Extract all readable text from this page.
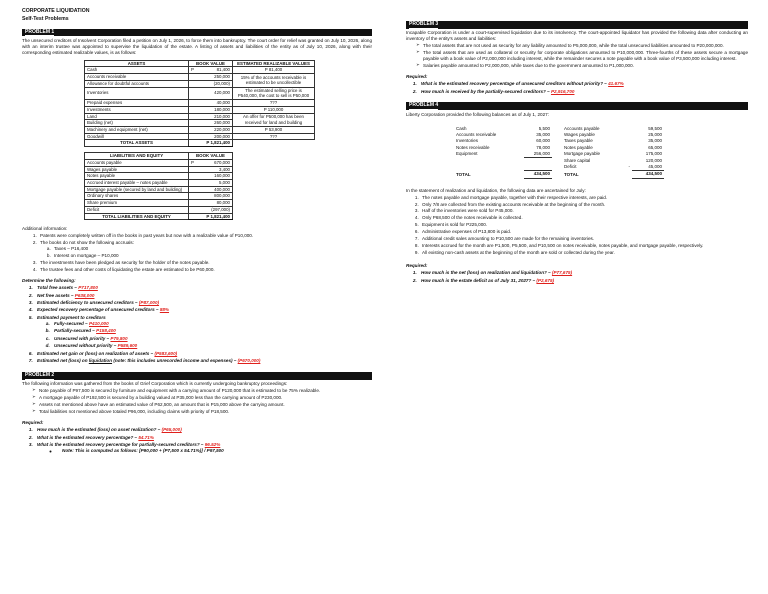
CORPORATE LIQUIDATION
Self-Test Problems
PROBLEM 1

The unsecured creditors of Insolvent Corporation filed a petition on July 1, 2026, to force them into bankruptcy. The court order for relief was granted on July 10, 2026, along with an interim trustee was appointed to supervise the liquidation of the estate. A listing of assets and liabilities of the entity as of July 10, 2026, along with their corresponding estimated realizable values, is as follows:

ASSETS	BOOK VALUE		ESTIMATED REALIZABLE VALUES
Cash	P	81,400	P 81,400
Accounts receivable	250,000		15% of the accounts receivable is estimated to be uncollectible
Allowance for doubtful accounts	(20,000)		
Inventories	420,000		The estimated selling price is P540,000, the cost to sell is P50,000
Prepaid expenses	40,000		???
Investments	180,000		P 110,000
Land	210,000		An offer for P500,000 has been received for land and building
Building (net)	260,000		
Machinery and equipment (net)	220,000		P 53,900
Goodwill	200,000		???
TOTAL ASSETS	P 1,821,400		

LIABILITIES AND EQUITY	BOOK VALUE		
Accounts payable	P	670,000	
Wages payable	3,400		
Notes payable	160,000		
Accrued interest payable – notes payable	5,000		
Mortgage payable (secured by land and building)	400,000		
Ordinary shares	800,000		
Share premium	80,000		
Deficit	(297,000)		
TOTAL LIABILITIES AND EQUITY	P 1,821,400		
Additional information:
1. Patents were completely written off in the books in past years but now with a realizable value of P10,000.
2. The books do not show the following accruals:
a. Taxes – P16,400
b. Interest on mortgage – P10,000
3. The investments have been pledged as security for the holder of the notes payable.
4. The trustee fees and other costs of liquidating the estate are estimated to be P60,000.
Determine the following:
1. Total free assets – P717,800
2. Net free assets – P638,000
3. Estimated deficiency to unsecured creditors – (P87,000)
4. Expected recovery percentage of unsecured creditors – 88%
5. Estimated payment to creditors
a. Fully-secured – P410,000
b. Partially-secured – P158,400
c. Unsecured with priority – P79,800
d. Unsecured without priority – P589,600
6. Estimated net gain or (loss) on realization of assets – (P583,600)
7. Estimated net (loss) on liquidation (note: this includes unrecorded income and expenses) – (P670,000)
PROBLEM 2

The following information was gathered from the books of Grief Corporation which is currently undergoing bankruptcy proceedings:

➢ Note payable of P97,500 is secured by furniture and equipment with a carrying amount of P120,000 that is estimated to be 75% realizable.
➢ A mortgage payable of P192,500 is secured by a building valued at P35,000 less than the carrying amount of P230,000.
➢ Assets not mentioned above have an estimated value of P62,500, an amount that is P15,000 above the carrying amount.
➢ Total liabilities not mentioned above totaled P96,000, including claims with priority of P18,500.
Required:
1. How much is the estimated (loss) on asset realization? – (P65,000)
2. What is the estimated recovery percentage? – 54.71%
3. What is the estimated recovery percentage for partially-secured creditors? – 96.52%
◦ Note: This is computed as follows: [P90,000 + (P7,500 x 54.71%)] / P97,500
PROBLEM 3

Incapable Corporation is under a court-supervised liquidation due to its insolvency. The court-appointed liquidator has provided the following data after conducting an inventory of the entity's assets and liabilities:

➢ The total assets that are not used as security for any liability amounted to P5,000,000, while the total unsecured liabilities amounted to P20,000,000.
➢ The total assets that are used as collateral or security for corporate obligations amounted to P10,000,000. Three-fourths of these assets secure a mortgage payable with a book value of P2,000,000 including interest, while the remainder secures a note payable with a book value of P3,500,000 including interest.
➢ Salaries payable amounted to P2,000,000, while taxes due to the government amounted to P1,000,000.
Required:
1. What is the estimated recovery percentage of unsecured creditors without priority? – 41.67%
2. How much is received by the partially-secured creditors? – P2,916,700
PROBLEM 4

Liberty Corporation provided the following balances as of July 1, 2027:

Cash	5,500		Accounts payable		59,500
Accounts receivable	35,000		Wages payable		25,000
Inventories	60,000		Taxes payable		35,000
Notes receivable	78,000		Notes payable		65,000
Equipment	256,000		Mortgage payable		175,000
			Share capital		120,000
			Deficit	-	45,000
TOTAL	434,500		TOTAL		434,500

In the statement of realization and liquidation, the following data are ascertained for July:

1. The notes payable and mortgage payable, together with their respective interests, are paid.
2. Only 7/8 are collected from the existing accounts receivable at the beginning of the month.
3. Half of the inventories were sold for P45,000.
4. Only P68,500 of the notes receivable is collected.
5. Equipment is sold for P225,000.
6. Administrative expenses of P13,800 is paid.
7. Additional credit sales amounting to P10,500 are made for the remaining inventories.
8. Interests accrued for the month are P1,500, P5,500, and P10,500 on notes receivable, notes payable, and mortgage payable, respectively.
9. All existing non-cash assets at the beginning of the month are sold or collected during the year.
Required:
1. How much is the net (loss) on realization and liquidation? – (P77,675)
2. How much is the estate deficit as of July 31, 2027? – (P2,675)
